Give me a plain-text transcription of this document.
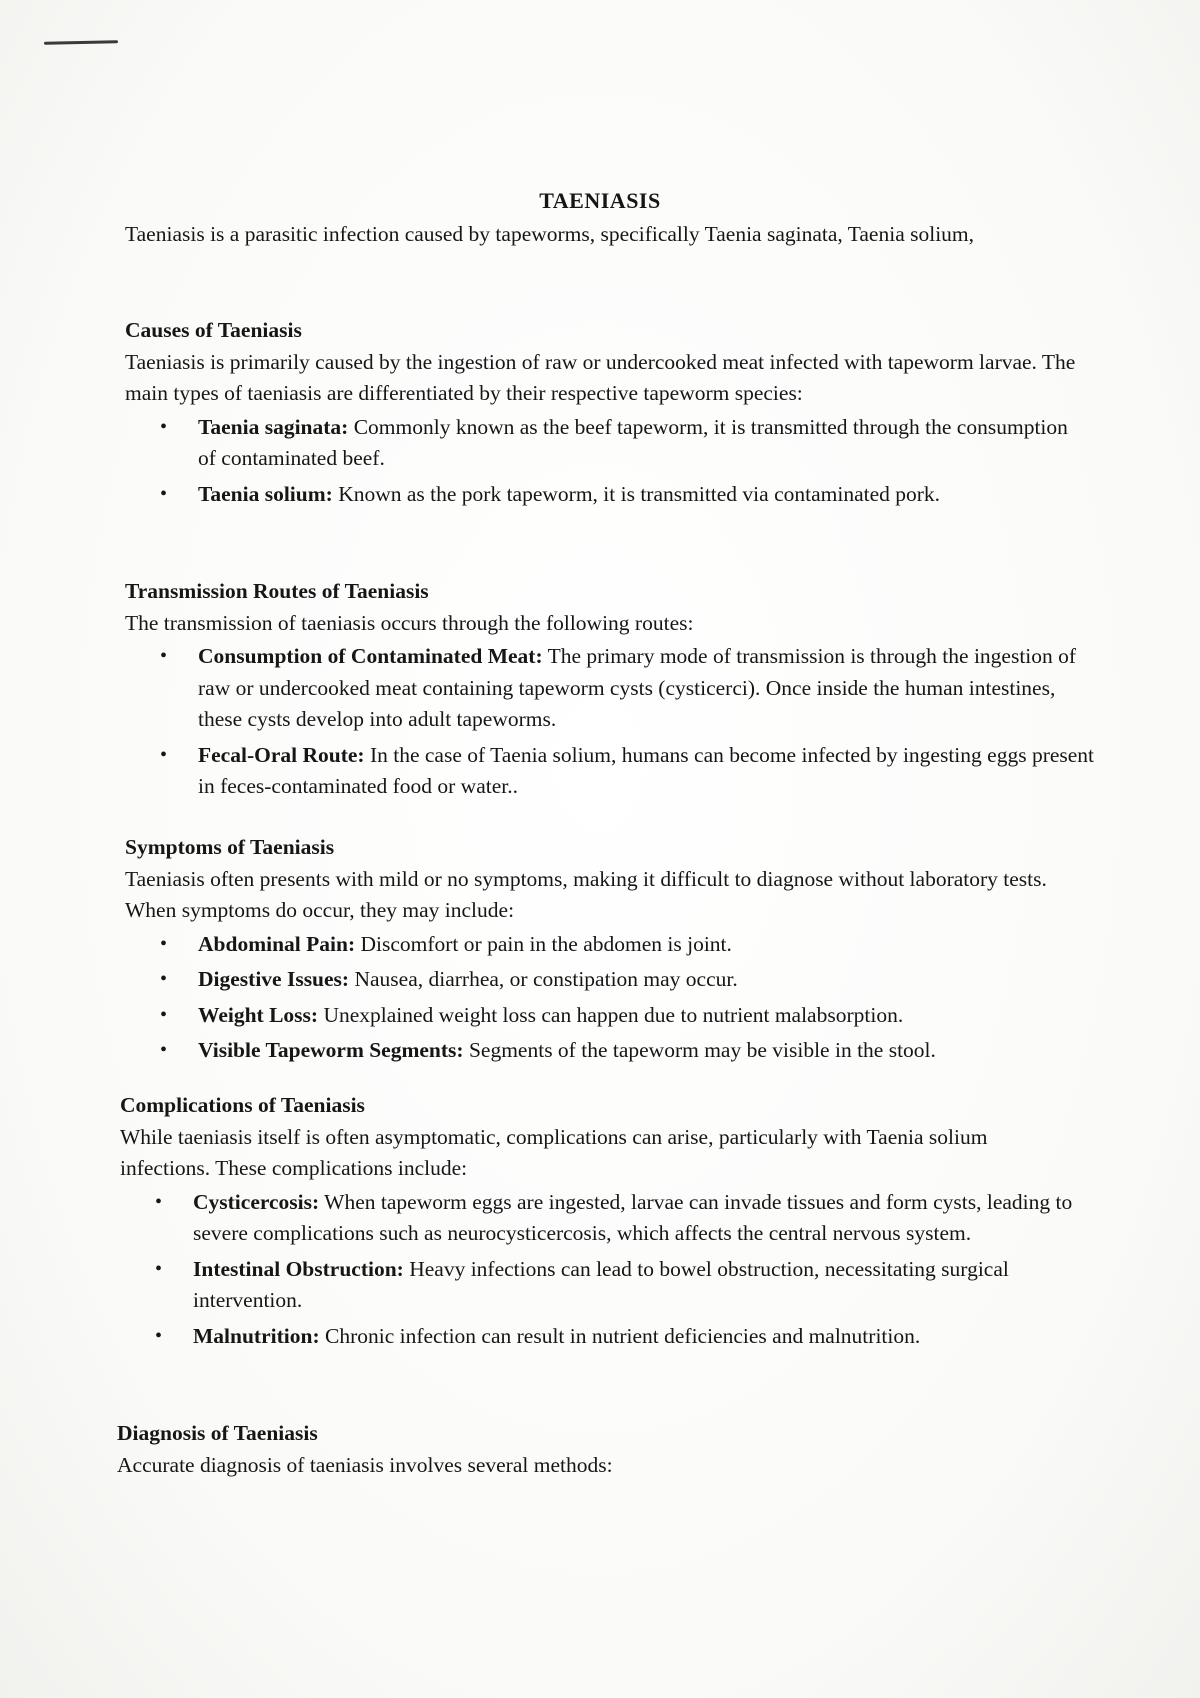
TAENIASIS

Taeniasis is a parasitic infection caused by tapeworms, specifically Taenia saginata, Taenia solium,

Causes of Taeniasis

Taeniasis is primarily caused by the ingestion of raw or undercooked meat infected with tapeworm larvae. The main types of taeniasis are differentiated by their respective tapeworm species:

• Taenia saginata: Commonly known as the beef tapeworm, it is transmitted through the consumption of contaminated beef.
• Taenia solium: Known as the pork tapeworm, it is transmitted via contaminated pork.
Transmission Routes of Taeniasis

The transmission of taeniasis occurs through the following routes:

• Consumption of Contaminated Meat: The primary mode of transmission is through the ingestion of raw or undercooked meat containing tapeworm cysts (cysticerci). Once inside the human intestines, these cysts develop into adult tapeworms.
• Fecal-Oral Route: In the case of Taenia solium, humans can become infected by ingesting eggs present in feces-contaminated food or water..
Symptoms of Taeniasis

Taeniasis often presents with mild or no symptoms, making it difficult to diagnose without laboratory tests. When symptoms do occur, they may include:

• Abdominal Pain: Discomfort or pain in the abdomen is joint.
• Digestive Issues: Nausea, diarrhea, or constipation may occur.
• Weight Loss: Unexplained weight loss can happen due to nutrient malabsorption.
• Visible Tapeworm Segments: Segments of the tapeworm may be visible in the stool.
Complications of Taeniasis

While taeniasis itself is often asymptomatic, complications can arise, particularly with Taenia solium infections. These complications include:

• Cysticercosis: When tapeworm eggs are ingested, larvae can invade tissues and form cysts, leading to severe complications such as neurocysticercosis, which affects the central nervous system.
• Intestinal Obstruction: Heavy infections can lead to bowel obstruction, necessitating surgical intervention.
• Malnutrition: Chronic infection can result in nutrient deficiencies and malnutrition.
Diagnosis of Taeniasis

Accurate diagnosis of taeniasis involves several methods:
